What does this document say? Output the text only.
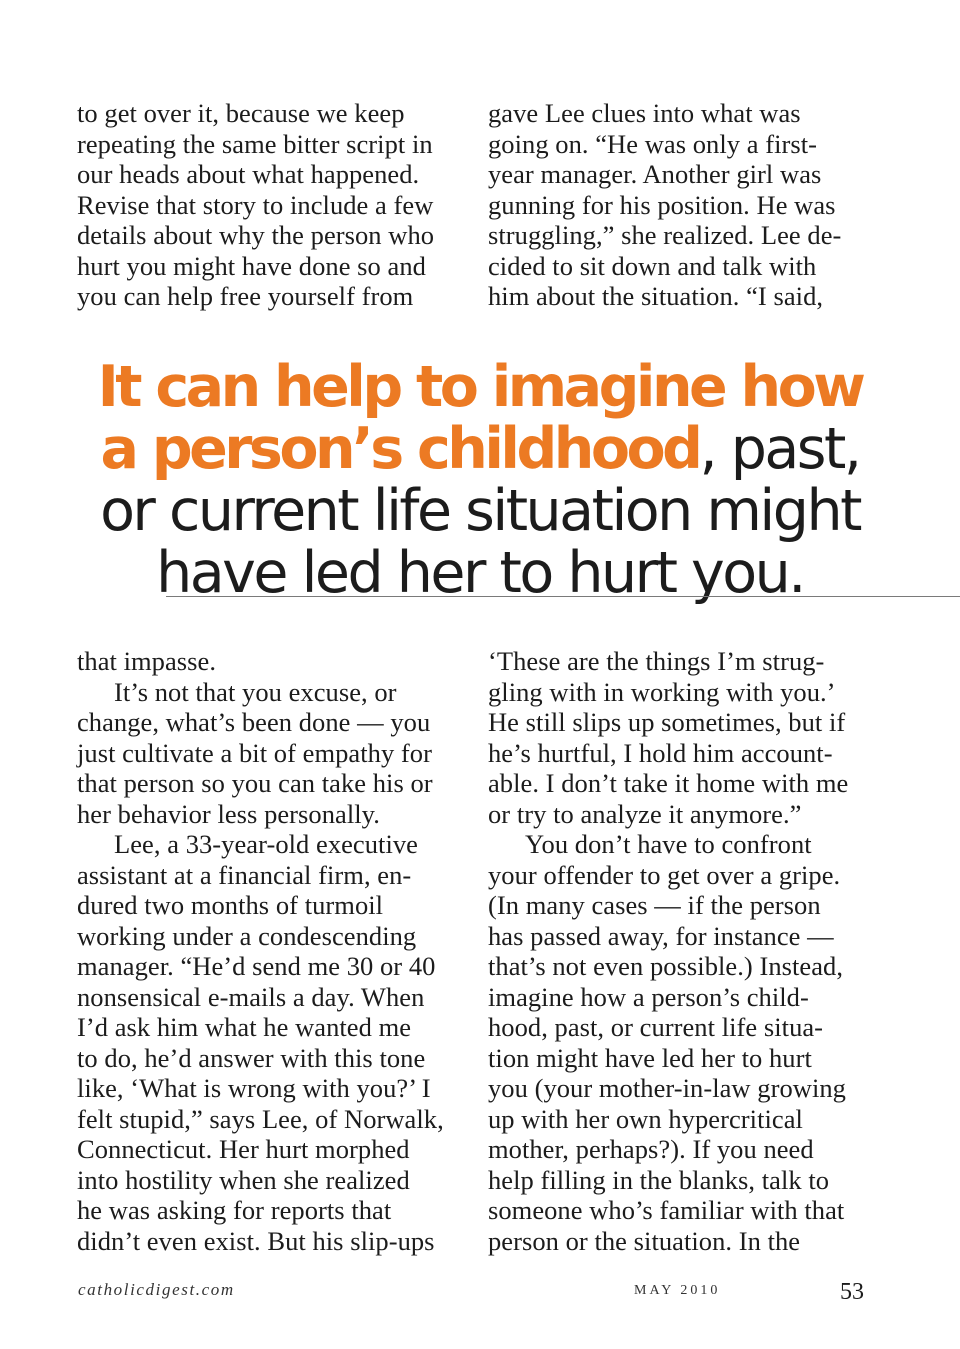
to get over it, because we keep
repeating the same bitter script in
our heads about what happened.
Revise that story to include a few
details about why the person who
hurt you might have done so and
you can help free yourself from
gave Lee clues into what was
going on. “He was only a first-
year manager. Another girl was
gunning for his position. He was
struggling,” she realized. Lee de-
cided to sit down and talk with
him about the situation. “I said,
It can help to imagine how
a person’s childhood, past,
or current life situation might
have led her to hurt you.
that impasse.
It’s not that you excuse, or
change, what’s been done — you
just cultivate a bit of empathy for
that person so you can take his or
her behavior less personally.
Lee, a 33-year-old executive
assistant at a financial firm, en-
dured two months of turmoil
working under a condescending
manager. “He’d send me 30 or 40
nonsensical e-mails a day. When
I’d ask him what he wanted me
to do, he’d answer with this tone
like, ‘What is wrong with you?’ I
felt stupid,” says Lee, of Norwalk,
Connecticut. Her hurt morphed
into hostility when she realized
he was asking for reports that
didn’t even exist. But his slip-ups
‘These are the things I’m strug-
gling with in working with you.’
He still slips up sometimes, but if
he’s hurtful, I hold him account-
able. I don’t take it home with me
or try to analyze it anymore.”
You don’t have to confront
your offender to get over a gripe.
(In many cases — if the person
has passed away, for instance —
that’s not even possible.) Instead,
imagine how a person’s child-
hood, past, or current life situa-
tion might have led her to hurt
you (your mother-in-law growing
up with her own hypercritical
mother, perhaps?). If you need
help filling in the blanks, talk to
someone who’s familiar with that
person or the situation. In the
catholicdigest.com	MAY 2010	53
